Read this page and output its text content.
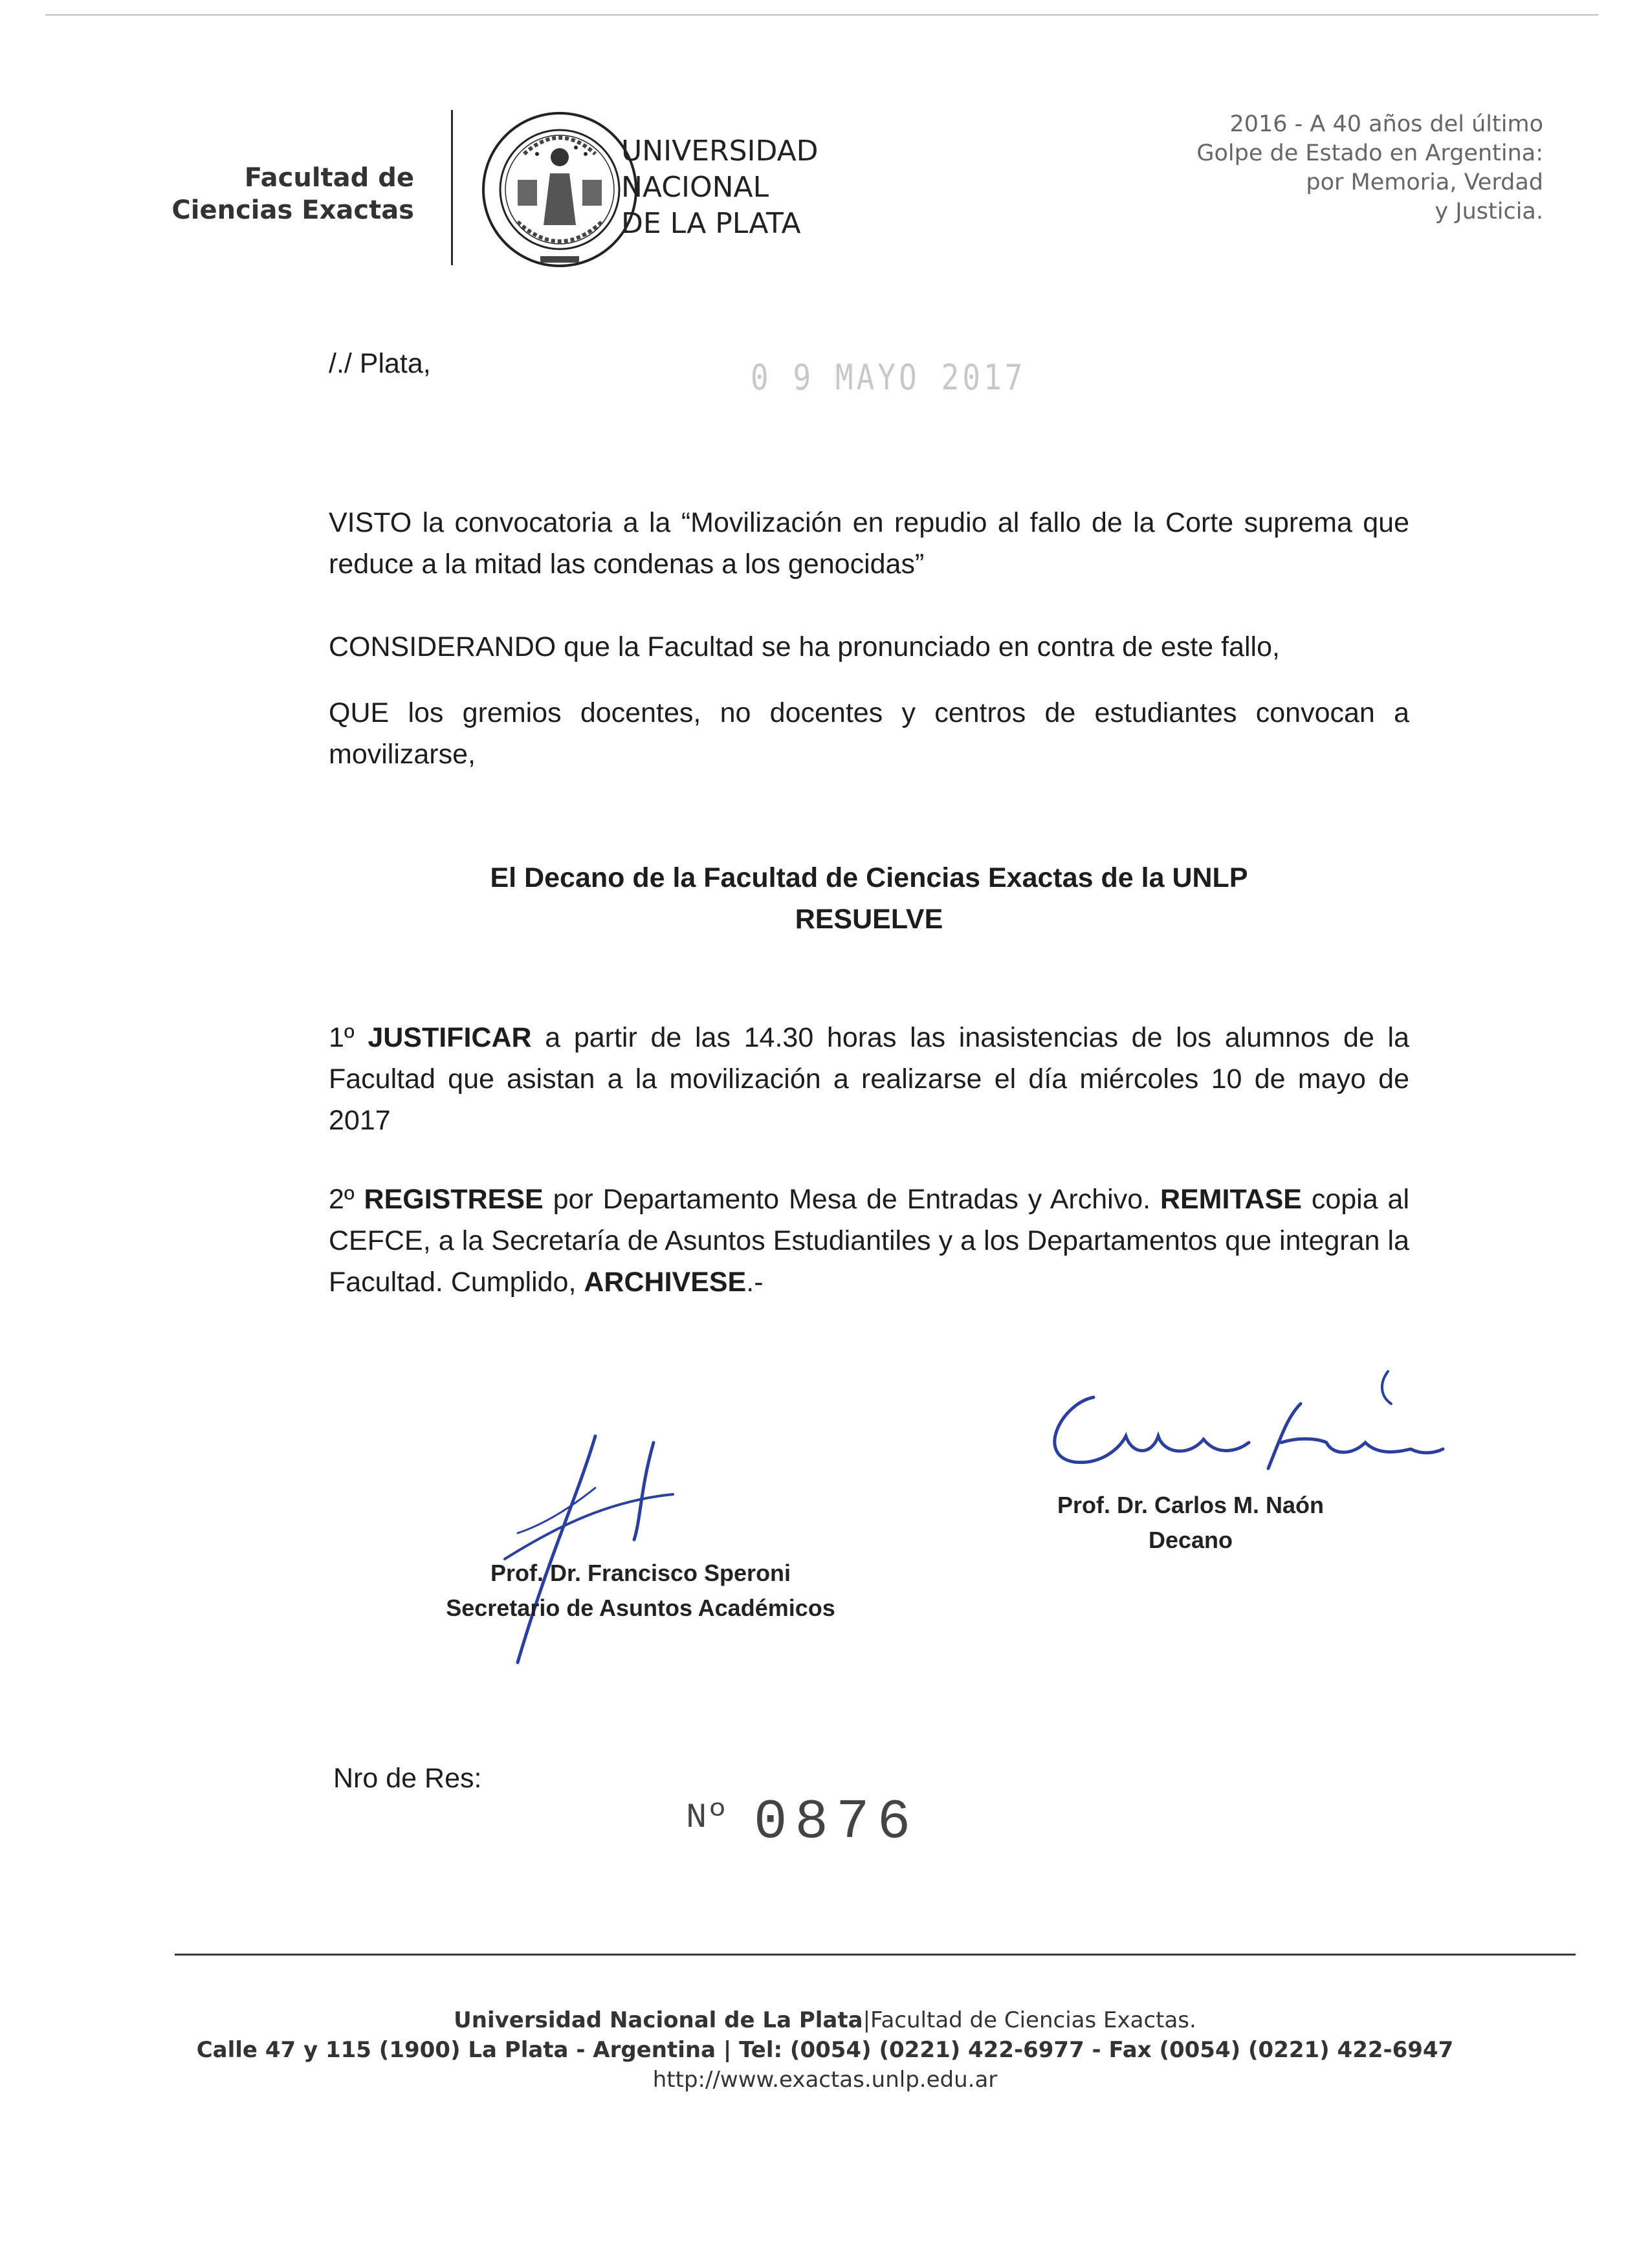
Facultad de
Ciencias Exactas
UNIVERSIDAD
NACIONAL
DE LA PLATA
2016 - A 40 años del último
Golpe de Estado en Argentina:
por Memoria, Verdad
y Justicia.
/./ Plata,	0 9 MAYO 2017
VISTO la convocatoria a la “Movilización en repudio al fallo de la Corte suprema que reduce a la mitad las condenas a los genocidas”
CONSIDERANDO que la Facultad se ha pronunciado en contra de este fallo,
QUE los gremios docentes, no docentes y centros de estudiantes convocan a movilizarse,
El Decano de la Facultad de Ciencias Exactas de la UNLP
RESUELVE
1º JUSTIFICAR a partir de las 14.30 horas las inasistencias de los alumnos de la Facultad que asistan a la movilización a realizarse el día miércoles 10 de mayo de 2017
2º REGISTRESE por Departamento Mesa de Entradas y Archivo. REMITASE copia al CEFCE, a la Secretaría de Asuntos Estudiantiles y a los Departamentos que integran la Facultad. Cumplido, ARCHIVESE.-
Prof. Dr. Carlos M. Naón
Decano
Prof. Dr. Francisco Speroni
Secretario de Asuntos Académicos
Nro de Res:
Nº 0876
Universidad Nacional de La Plata|Facultad de Ciencias Exactas.
Calle 47 y 115 (1900) La Plata - Argentina | Tel: (0054) (0221) 422-6977 - Fax (0054) (0221) 422-6947
http://www.exactas.unlp.edu.ar
